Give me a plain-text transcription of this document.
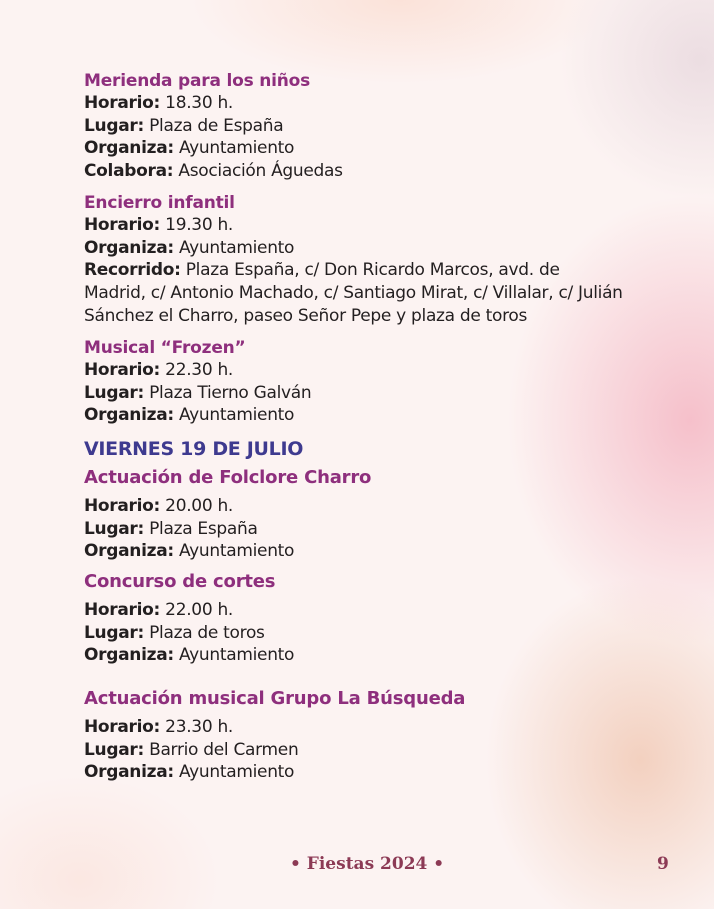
Merienda para los niños
Horario: 18.30 h.
Lugar: Plaza de España
Organiza: Ayuntamiento
Colabora: Asociación Águedas
Encierro infantil
Horario: 19.30 h.
Organiza: Ayuntamiento
Recorrido: Plaza España, c/ Don Ricardo Marcos, avd. de Madrid, c/ Antonio Machado, c/ Santiago Mirat, c/ Villalar, c/ Julián Sánchez el Charro, paseo Señor Pepe y plaza de toros
Musical “Frozen”
Horario: 22.30 h.
Lugar: Plaza Tierno Galván
Organiza: Ayuntamiento
VIERNES 19 DE JULIO
Actuación de Folclore Charro
Horario: 20.00 h.
Lugar: Plaza España
Organiza: Ayuntamiento
Concurso de cortes
Horario: 22.00 h.
Lugar: Plaza de toros
Organiza: Ayuntamiento
Actuación musical Grupo La Búsqueda
Horario: 23.30 h.
Lugar: Barrio del Carmen
Organiza: Ayuntamiento
• Fiestas 2024 •	9
